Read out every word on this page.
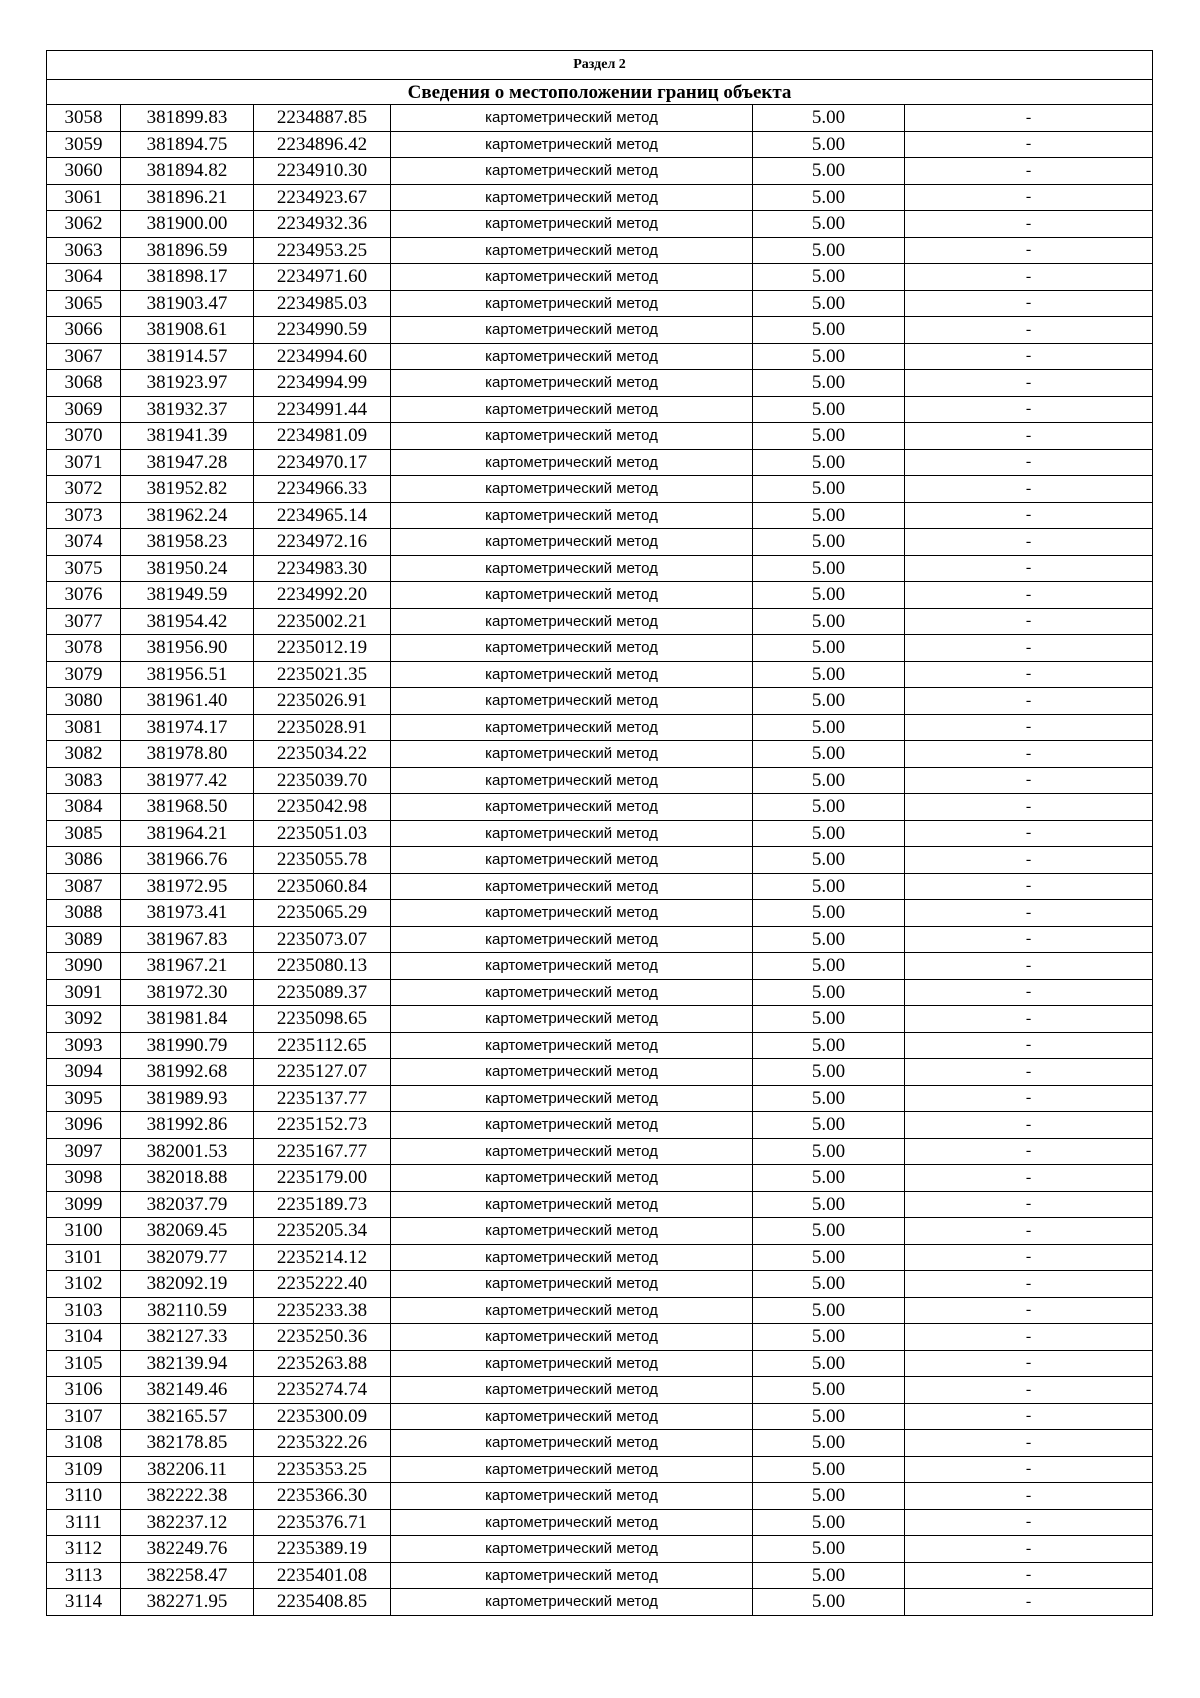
Раздел 2					
Сведения о местоположении границ объекта					
3058	381899.83	2234887.85	картометрический метод	5.00	-
3059	381894.75	2234896.42	картометрический метод	5.00	-
3060	381894.82	2234910.30	картометрический метод	5.00	-
3061	381896.21	2234923.67	картометрический метод	5.00	-
3062	381900.00	2234932.36	картометрический метод	5.00	-
3063	381896.59	2234953.25	картометрический метод	5.00	-
3064	381898.17	2234971.60	картометрический метод	5.00	-
3065	381903.47	2234985.03	картометрический метод	5.00	-
3066	381908.61	2234990.59	картометрический метод	5.00	-
3067	381914.57	2234994.60	картометрический метод	5.00	-
3068	381923.97	2234994.99	картометрический метод	5.00	-
3069	381932.37	2234991.44	картометрический метод	5.00	-
3070	381941.39	2234981.09	картометрический метод	5.00	-
3071	381947.28	2234970.17	картометрический метод	5.00	-
3072	381952.82	2234966.33	картометрический метод	5.00	-
3073	381962.24	2234965.14	картометрический метод	5.00	-
3074	381958.23	2234972.16	картометрический метод	5.00	-
3075	381950.24	2234983.30	картометрический метод	5.00	-
3076	381949.59	2234992.20	картометрический метод	5.00	-
3077	381954.42	2235002.21	картометрический метод	5.00	-
3078	381956.90	2235012.19	картометрический метод	5.00	-
3079	381956.51	2235021.35	картометрический метод	5.00	-
3080	381961.40	2235026.91	картометрический метод	5.00	-
3081	381974.17	2235028.91	картометрический метод	5.00	-
3082	381978.80	2235034.22	картометрический метод	5.00	-
3083	381977.42	2235039.70	картометрический метод	5.00	-
3084	381968.50	2235042.98	картометрический метод	5.00	-
3085	381964.21	2235051.03	картометрический метод	5.00	-
3086	381966.76	2235055.78	картометрический метод	5.00	-
3087	381972.95	2235060.84	картометрический метод	5.00	-
3088	381973.41	2235065.29	картометрический метод	5.00	-
3089	381967.83	2235073.07	картометрический метод	5.00	-
3090	381967.21	2235080.13	картометрический метод	5.00	-
3091	381972.30	2235089.37	картометрический метод	5.00	-
3092	381981.84	2235098.65	картометрический метод	5.00	-
3093	381990.79	2235112.65	картометрический метод	5.00	-
3094	381992.68	2235127.07	картометрический метод	5.00	-
3095	381989.93	2235137.77	картометрический метод	5.00	-
3096	381992.86	2235152.73	картометрический метод	5.00	-
3097	382001.53	2235167.77	картометрический метод	5.00	-
3098	382018.88	2235179.00	картометрический метод	5.00	-
3099	382037.79	2235189.73	картометрический метод	5.00	-
3100	382069.45	2235205.34	картометрический метод	5.00	-
3101	382079.77	2235214.12	картометрический метод	5.00	-
3102	382092.19	2235222.40	картометрический метод	5.00	-
3103	382110.59	2235233.38	картометрический метод	5.00	-
3104	382127.33	2235250.36	картометрический метод	5.00	-
3105	382139.94	2235263.88	картометрический метод	5.00	-
3106	382149.46	2235274.74	картометрический метод	5.00	-
3107	382165.57	2235300.09	картометрический метод	5.00	-
3108	382178.85	2235322.26	картометрический метод	5.00	-
3109	382206.11	2235353.25	картометрический метод	5.00	-
3110	382222.38	2235366.30	картометрический метод	5.00	-
3111	382237.12	2235376.71	картометрический метод	5.00	-
3112	382249.76	2235389.19	картометрический метод	5.00	-
3113	382258.47	2235401.08	картометрический метод	5.00	-
3114	382271.95	2235408.85	картометрический метод	5.00	-
